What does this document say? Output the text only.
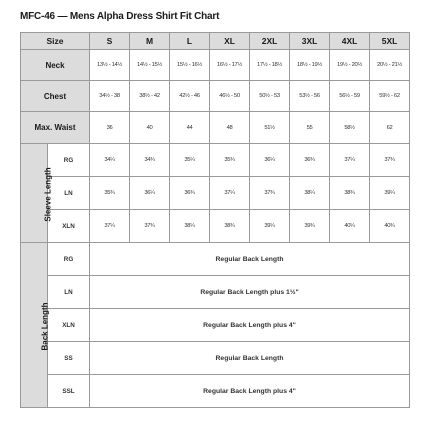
MFC-46 — Mens Alpha Dress Shirt Fit Chart
Size		S	M	L	XL	2XL	3XL	4XL	5XL
Neck		13½ - 14½	14½ - 15½	15½ - 16½	16½ - 17½	17½ - 18½	18½ - 19½	19½ - 20½	20½ - 21½
Chest		34½ - 38	38½ - 42	42½ - 46	46½ - 50	50½ - 53	53½ - 56	56½ - 59	59½ - 62
Max. Waist		36	40	44	48	51½	55	58½	62
Sleeve Length	RG	34¼	34¾	35¼	35¾	36¼	36¾	37¼	37¾
	LN	35¾	36¼	36¾	37¼	37¾	38¼	38¾	39¼
	XLN	37¼	37¾	38¼	38¾	39¼	39¾	40¼	40¾
Back Length	RG	Regular Back Length							
	LN	Regular Back Length plus 1½"							
	XLN	Regular Back Length plus 4"							
	SS	Regular Back Length							
	SSL	Regular Back Length plus 4"							
